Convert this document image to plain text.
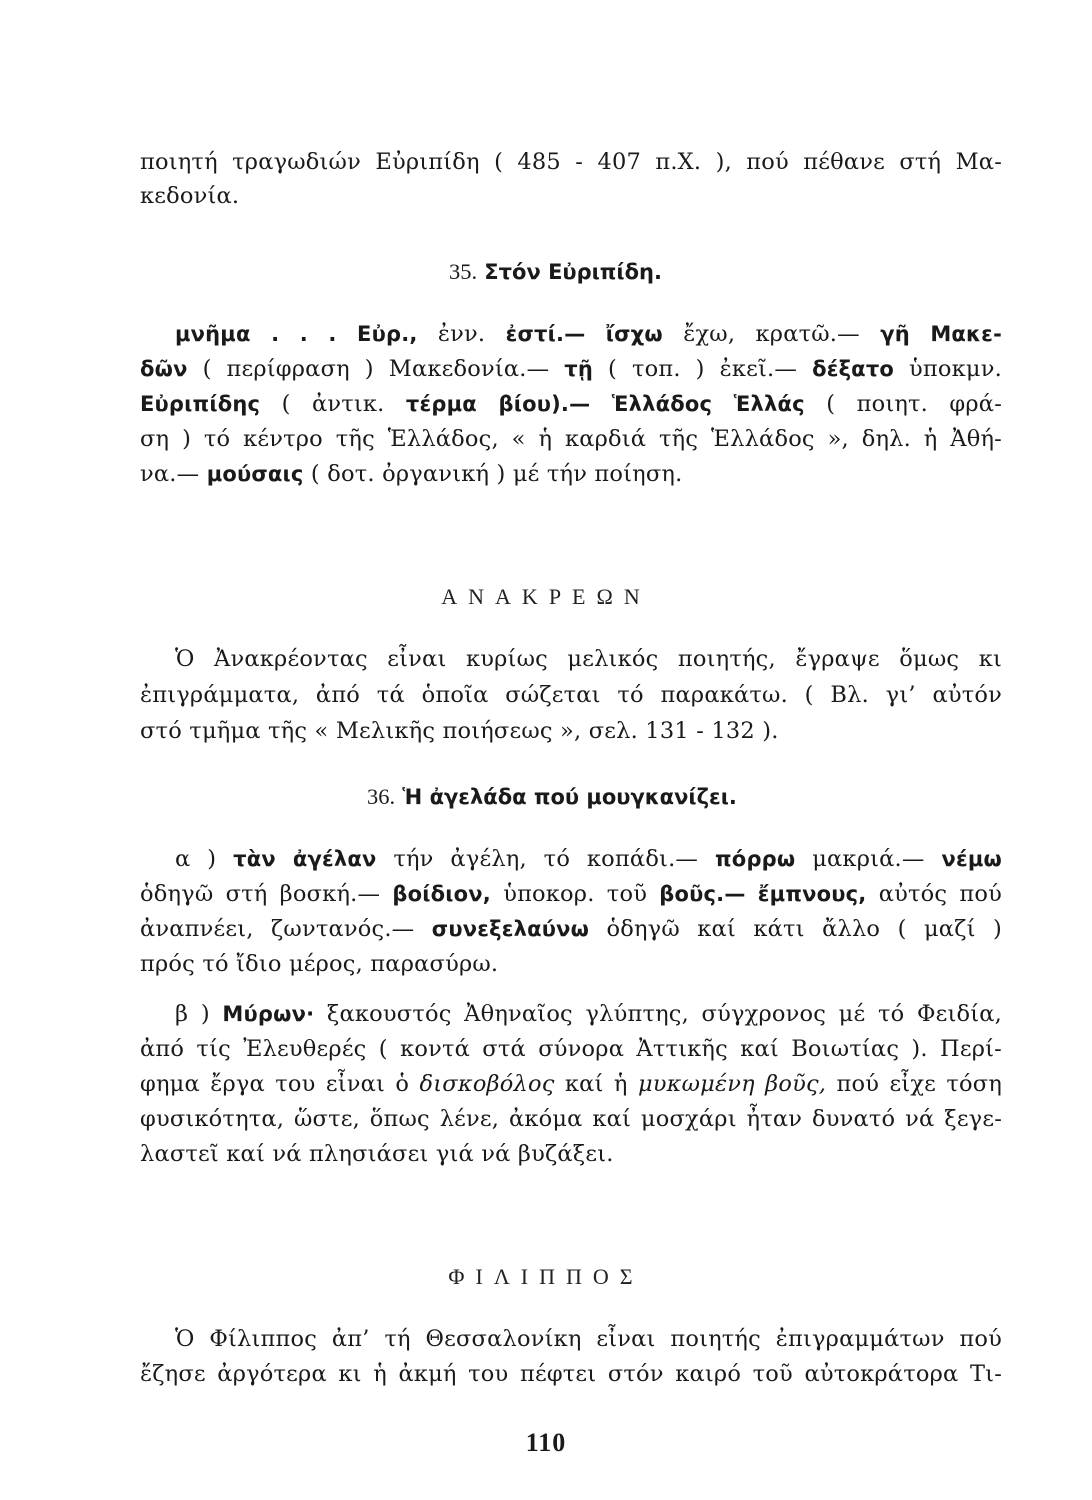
ποιητή τραγωδιών Εὐριπίδη ( 485 - 407 π.Χ. ), πού πέθανε στή Μα-
κεδονία.
35. Στόν Εὐριπίδη.
μνῆμα . . . Εὐρ., ἐνν. ἐστί.— ἴσχω ἔχω, κρατῶ.— γῆ Μακε-
δῶν ( περίφραση ) Μακεδονία.— τῇ ( τοπ. ) ἐκεῖ.— δέξατο ὑποκμν.
Εὐριπίδης ( ἀντικ. τέρμα βίου).— Ἑλλάδος Ἑλλάς ( ποιητ. φρά-
ση ) τό κέντρο τῆς Ἑλλάδος, « ἡ καρδιά τῆς Ἑλλάδος », δηλ. ἡ Ἀθή-
να.— μούσαις ( δοτ. ὀργανική ) μέ τήν ποίηση.
ΑΝΑΚΡΕΩΝ
Ὁ Ἀνακρέοντας εἶναι κυρίως μελικός ποιητής, ἔγραψε ὅμως κι
ἐπιγράμματα, ἀπό τά ὁποῖα σώζεται τό παρακάτω. ( Βλ. γι’ αὐτόν
στό τμῆμα τῆς « Μελικῆς ποιήσεως », σελ. 131 - 132 ).
36. Ἡ ἀγελάδα πού μουγκανίζει.
α ) τὰν ἀγέλαν τήν ἀγέλη, τό κοπάδι.— πόρρω μακριά.— νέμω
ὁδηγῶ στή βοσκή.— βοίδιον, ὑποκορ. τοῦ βοῦς.— ἔμπνους, αὐτός πού
ἀναπνέει, ζωντανός.— συνεξελαύνω ὁδηγῶ καί κάτι ἄλλο ( μαζί )
πρός τό ἴδιο μέρος, παρασύρω.
β ) Μύρων· ξακουστός Ἀθηναῖος γλύπτης, σύγχρονος μέ τό Φειδία,
ἀπό τίς Ἐλευθερές ( κοντά στά σύνορα Ἀττικῆς καί Βοιωτίας ). Περί-
φημα ἔργα του εἶναι ὁ δισκοβόλος καί ἡ μυκωμένη βοῦς, πού εἶχε τόση
φυσικότητα, ὥστε, ὅπως λένε, ἀκόμα καί μοσχάρι ἦταν δυνατό νά ξεγε-
λαστεῖ καί νά πλησιάσει γιά νά βυζάξει.
ΦΙΛΙΠΠΟΣ
Ὁ Φίλιππος ἀπ’ τή Θεσσαλονίκη εἶναι ποιητής ἐπιγραμμάτων πού
ἔζησε ἀργότερα κι ἡ ἀκμή του πέφτει στόν καιρό τοῦ αὐτοκράτορα Τι-
110
